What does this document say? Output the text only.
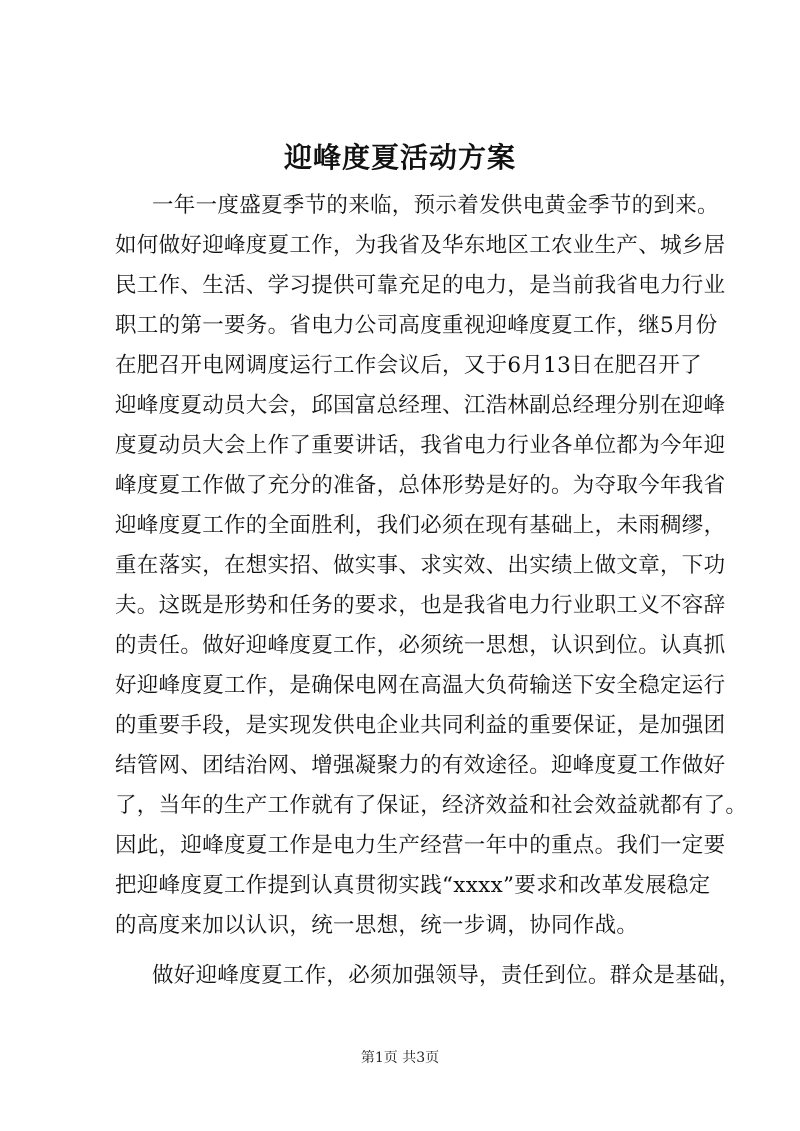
迎峰度夏活动方案
一年一度盛夏季节的来临，预示着发供电黄金季节的到来。
如何做好迎峰度夏工作，为我省及华东地区工农业生产、城乡居
民工作、生活、学习提供可靠充足的电力，是当前我省电力行业
职工的第一要务。省电力公司高度重视迎峰度夏工作，继5月份
在肥召开电网调度运行工作会议后，又于6月13日在肥召开了
迎峰度夏动员大会，邱国富总经理、江浩林副总经理分别在迎峰
度夏动员大会上作了重要讲话，我省电力行业各单位都为今年迎
峰度夏工作做了充分的准备，总体形势是好的。为夺取今年我省
迎峰度夏工作的全面胜利，我们必须在现有基础上，未雨稠缪，
重在落实，在想实招、做实事、求实效、出实绩上做文章，下功
夫。这既是形势和任务的要求，也是我省电力行业职工义不容辞
的责任。做好迎峰度夏工作，必须统一思想，认识到位。认真抓
好迎峰度夏工作，是确保电网在高温大负荷输送下安全稳定运行
的重要手段，是实现发供电企业共同利益的重要保证，是加强团
结管网、团结治网、增强凝聚力的有效途径。迎峰度夏工作做好
了，当年的生产工作就有了保证，经济效益和社会效益就都有了。
因此，迎峰度夏工作是电力生产经营一年中的重点。我们一定要
把迎峰度夏工作提到认真贯彻实践“xxxx”要求和改革发展稳定
的高度来加以认识，统一思想，统一步调，协同作战。
做好迎峰度夏工作，必须加强领导，责任到位。群众是基础，
第1页 共3页
